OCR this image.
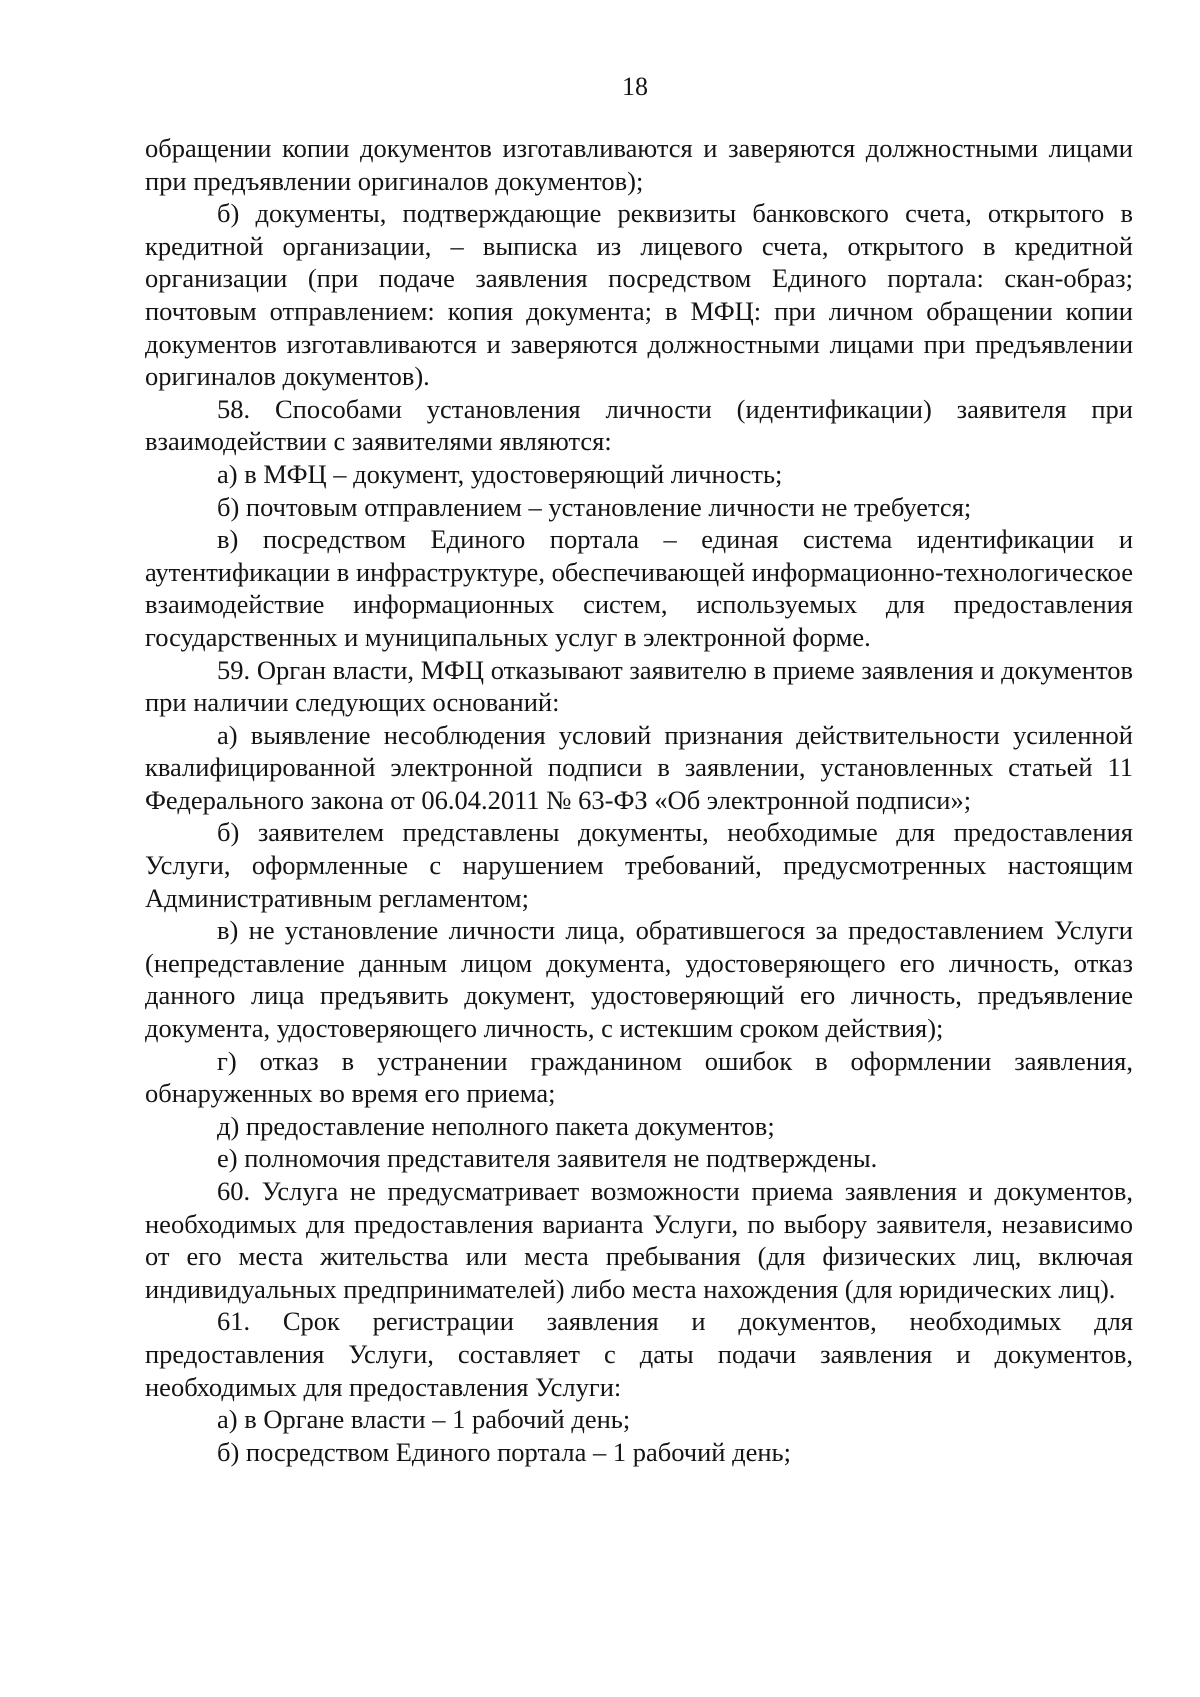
18

обращении копии документов изготавливаются и заверяются должностными лицами при предъявлении оригиналов документов);

б) документы, подтверждающие реквизиты банковского счета, открытого в кредитной организации, – выписка из лицевого счета, открытого в кредитной организации (при подаче заявления посредством Единого портала: скан-образ; почтовым отправлением: копия документа; в МФЦ: при личном обращении копии документов изготавливаются и заверяются должностными лицами при предъявлении оригиналов документов).

58. Способами установления личности (идентификации) заявителя при взаимодействии с заявителями являются:

а) в МФЦ – документ, удостоверяющий личность;

б) почтовым отправлением – установление личности не требуется;

в) посредством Единого портала – единая система идентификации и аутентификации в инфраструктуре, обеспечивающей информационно-технологическое взаимодействие информационных систем, используемых для предоставления государственных и муниципальных услуг в электронной форме.

59. Орган власти, МФЦ отказывают заявителю в приеме заявления и документов при наличии следующих оснований:

а) выявление несоблюдения условий признания действительности усиленной квалифицированной электронной подписи в заявлении, установленных статьей 11 Федерального закона от 06.04.2011 № 63-ФЗ «Об электронной подписи»;

б) заявителем представлены документы, необходимые для предоставления Услуги, оформленные с нарушением требований, предусмотренных настоящим Административным регламентом;

в) не установление личности лица, обратившегося за предоставлением Услуги (непредставление данным лицом документа, удостоверяющего его личность, отказ данного лица предъявить документ, удостоверяющий его личность, предъявление документа, удостоверяющего личность, с истекшим сроком действия);

г) отказ в устранении гражданином ошибок в оформлении заявления, обнаруженных во время его приема;

д) предоставление неполного пакета документов;

е) полномочия представителя заявителя не подтверждены.

60. Услуга не предусматривает возможности приема заявления и документов, необходимых для предоставления варианта Услуги, по выбору заявителя, независимо от его места жительства или места пребывания (для физических лиц, включая индивидуальных предпринимателей) либо места нахождения (для юридических лиц).

61. Срок регистрации заявления и документов, необходимых для предоставления Услуги, составляет с даты подачи заявления и документов, необходимых для предоставления Услуги:

а) в Органе власти – 1 рабочий день;

б) посредством Единого портала – 1 рабочий день;
